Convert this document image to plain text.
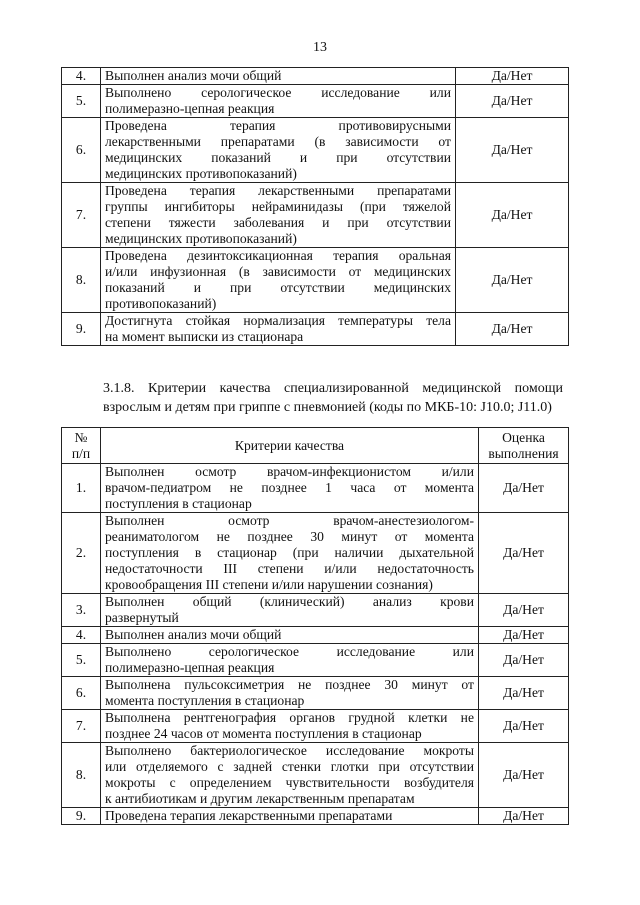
13
4.	Выполнен анализ мочи общий	Да/Нет
5.	Выполнено серологическое исследование или
полимеразно-цепная реакция	Да/Нет
6.	Проведена терапия противовирусными
лекарственными препаратами (в зависимости от
медицинских показаний и при отсутствии
медицинских противопоказаний)	Да/Нет
7.	Проведена терапия лекарственными препаратами
группы ингибиторы нейраминидазы (при тяжелой
степени тяжести заболевания и при отсутствии
медицинских противопоказаний)	Да/Нет
8.	Проведена дезинтоксикационная терапия оральная
и/или инфузионная (в зависимости от медицинских
показаний и при отсутствии медицинских
противопоказаний)	Да/Нет
9.	Достигнута стойкая нормализация температуры тела
на момент выписки из стационара	Да/Нет

3.1.8. Критерии качества специализированной медицинской помощи взрослым и детям при гриппе с пневмонией (коды по МКБ-10: J10.0; J11.0)

№
п/п	Критерии качества	Оценка
выполнения
1.	Выполнен осмотр врачом-инфекционистом и/или
врачом-педиатром не позднее 1 часа от момента
поступления в стационар	Да/Нет
2.	Выполнен осмотр врачом-анестезиологом-
реаниматологом не позднее 30 минут от момента
поступления в стационар (при наличии дыхательной
недостаточности III степени и/или недостаточность
кровообращения III степени и/или нарушении сознания)	Да/Нет
3.	Выполнен общий (клинический) анализ крови
развернутый	Да/Нет
4.	Выполнен анализ мочи общий	Да/Нет
5.	Выполнено серологическое исследование или
полимеразно-цепная реакция	Да/Нет
6.	Выполнена пульсоксиметрия не позднее 30 минут от
момента поступления в стационар	Да/Нет
7.	Выполнена рентгенография органов грудной клетки не
позднее 24 часов от момента поступления в стационар	Да/Нет
8.	Выполнено бактериологическое исследование мокроты
или отделяемого с задней стенки глотки при отсутствии
мокроты с определением чувствительности возбудителя
к антибиотикам и другим лекарственным препаратам	Да/Нет
9.	Проведена терапия лекарственными препаратами	Да/Нет
